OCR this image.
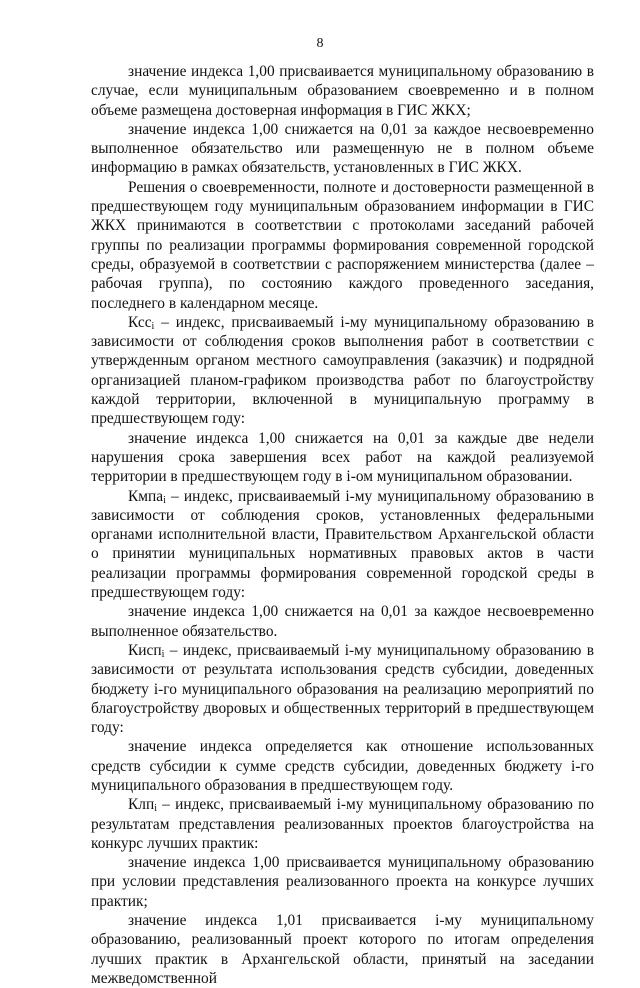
8

значение индекса 1,00 присваивается муниципальному образованию в случае, если муниципальным образованием своевременно и в полном объеме размещена достоверная информация в ГИС ЖКХ;

значение индекса 1,00 снижается на 0,01 за каждое несвоевременно выполненное обязательство или размещенную не в полном объеме информацию в рамках обязательств, установленных в ГИС ЖКХ.

Решения о своевременности, полноте и достоверности размещенной в предшествующем году муниципальным образованием информации в ГИС ЖКХ принимаются в соответствии с протоколами заседаний рабочей группы по реализации программы формирования современной городской среды, образуемой в соответствии с распоряжением министерства (далее – рабочая группа), по состоянию каждого проведенного заседания, последнего в календарном месяце.

Ксс$_i$ – индекс, присваиваемый i-му муниципальному образованию в зависимости от соблюдения сроков выполнения работ в соответствии с утвержденным органом местного самоуправления (заказчик) и подрядной организацией планом-графиком производства работ по благоустройству каждой территории, включенной в муниципальную программу в предшествующем году:

значение индекса 1,00 снижается на 0,01 за каждые две недели нарушения срока завершения всех работ на каждой реализуемой территории в предшествующем году в i-ом муниципальном образовании.

Кмпа$_i$ – индекс, присваиваемый i-му муниципальному образованию в зависимости от соблюдения сроков, установленных федеральными органами исполнительной власти, Правительством Архангельской области о принятии муниципальных нормативных правовых актов в части реализации программы формирования современной городской среды в предшествующем году:

значение индекса 1,00 снижается на 0,01 за каждое несвоевременно выполненное обязательство.

Кисп$_i$ – индекс, присваиваемый i-му муниципальному образованию в зависимости от результата использования средств субсидии, доведенных бюджету i-го муниципального образования на реализацию мероприятий по благоустройству дворовых и общественных территорий в предшествующем году:

значение индекса определяется как отношение использованных средств субсидии к сумме средств субсидии, доведенных бюджету i-го муниципального образования в предшествующем году.

Клп$_i$ – индекс, присваиваемый i-му муниципальному образованию по результатам представления реализованных проектов благоустройства на конкурс лучших практик:

значение индекса 1,00 присваивается муниципальному образованию при условии представления реализованного проекта на конкурсе лучших практик;

значение индекса 1,01 присваивается i-му муниципальному образованию, реализованный проект которого по итогам определения лучших практик в Архангельской области, принятый на заседании межведомственной
